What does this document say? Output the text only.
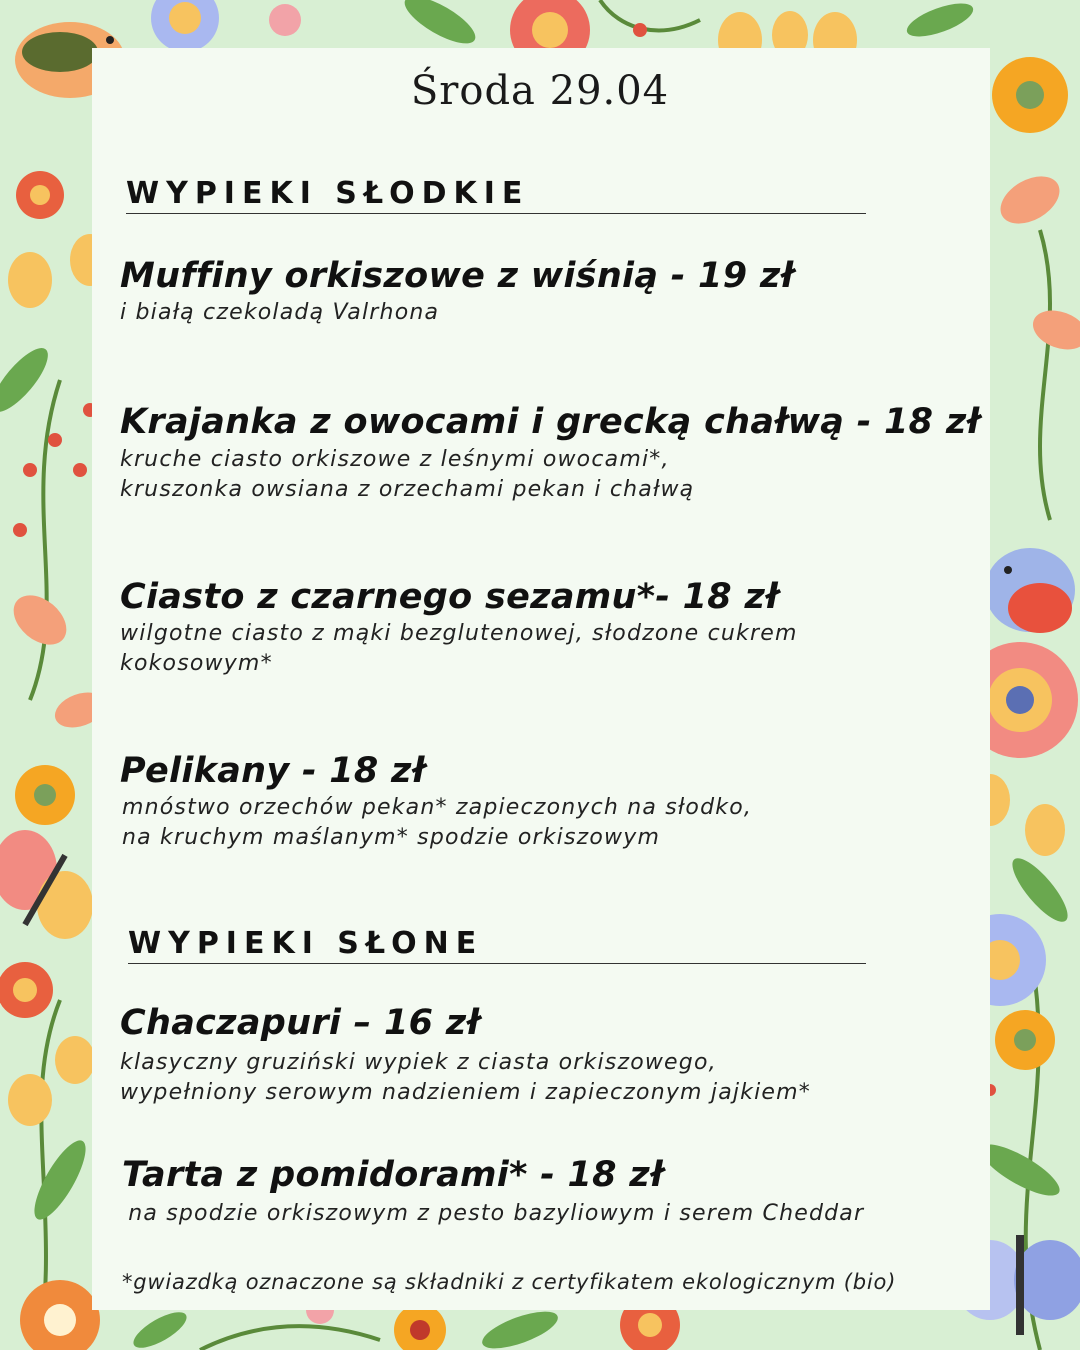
Środa 29.04
WYPIEKI SŁODKIE
Muffiny orkiszowe z wiśnią - 19 zł
i białą czekoladą Valrhona
Krajanka z owocami i grecką chałwą - 18 zł
kruche ciasto orkiszowe z leśnymi owocami*,
kruszonka owsiana z orzechami pekan i chałwą
Ciasto z czarnego sezamu*- 18 zł
wilgotne ciasto z mąki bezglutenowej, słodzone cukrem
kokosowym*
Pelikany - 18 zł
mnóstwo orzechów pekan* zapieczonych na słodko,
na kruchym maślanym* spodzie orkiszowym
WYPIEKI SŁONE
Chaczapuri – 16 zł
klasyczny gruziński wypiek z ciasta orkiszowego,
wypełniony serowym nadzieniem i zapieczonym jajkiem*
Tarta z pomidorami* - 18 zł
na spodzie orkiszowym z pesto bazyliowym i serem Cheddar
*gwiazdką oznaczone są składniki z certyfikatem ekologicznym (bio)
